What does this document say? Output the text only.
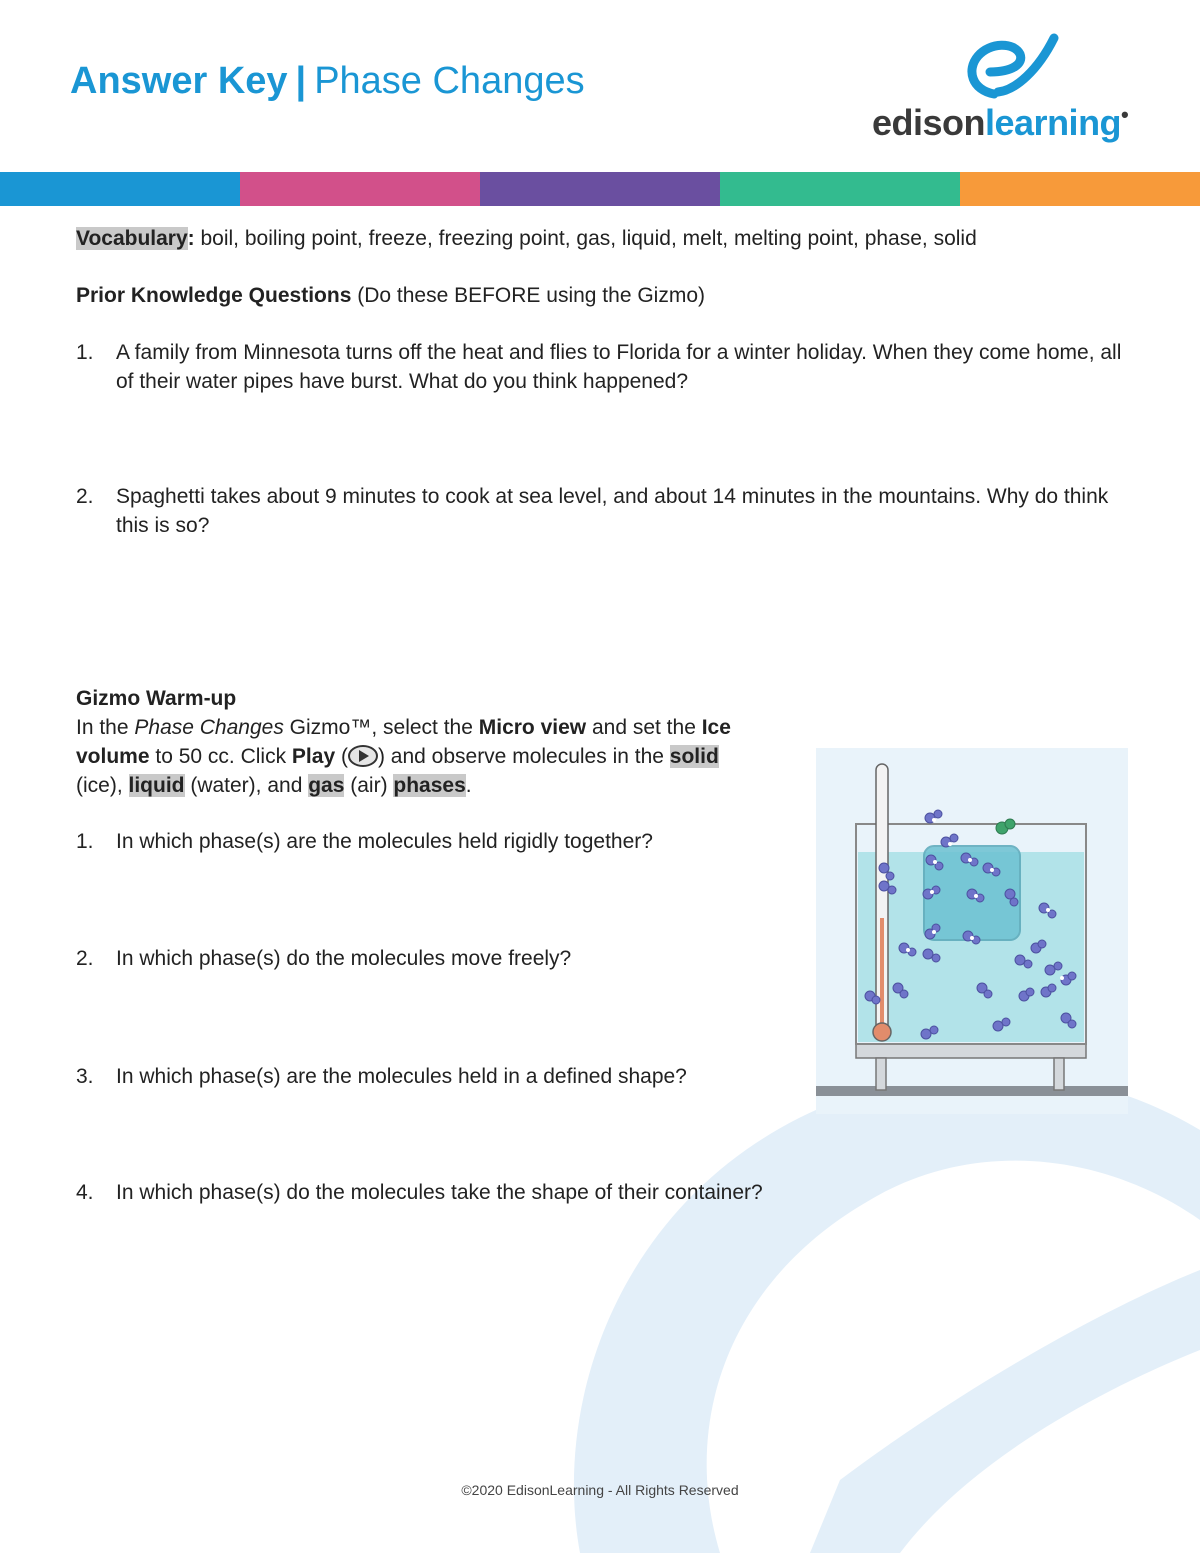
Answer Key | Phase Changes
edisonlearning•

Vocabulary: boil, boiling point, freeze, freezing point, gas, liquid, melt, melting point, phase, solid

Prior Knowledge Questions (Do these BEFORE using the Gizmo)

1.	A family from Minnesota turns off the heat and flies to Florida for a winter holiday. When they come home, all of their water pipes have burst. What do you think happened?
2.	Spaghetti takes about 9 minutes to cook at sea level, and about 14 minutes in the mountains. Why do think this is so?

Gizmo Warm-up

In the Phase Changes Gizmo™, select the Micro view and set the Ice volume to 50 cc. Click Play ( ) and observe molecules in the solid (ice), liquid (water), and gas (air) phases.

1.	In which phase(s) are the molecules held rigidly together?
2.	In which phase(s) do the molecules move freely?
3.	In which phase(s) are the molecules held in a defined shape?
4.	In which phase(s) do the molecules take the shape of their container?
©2020 EdisonLearning - All Rights Reserved
